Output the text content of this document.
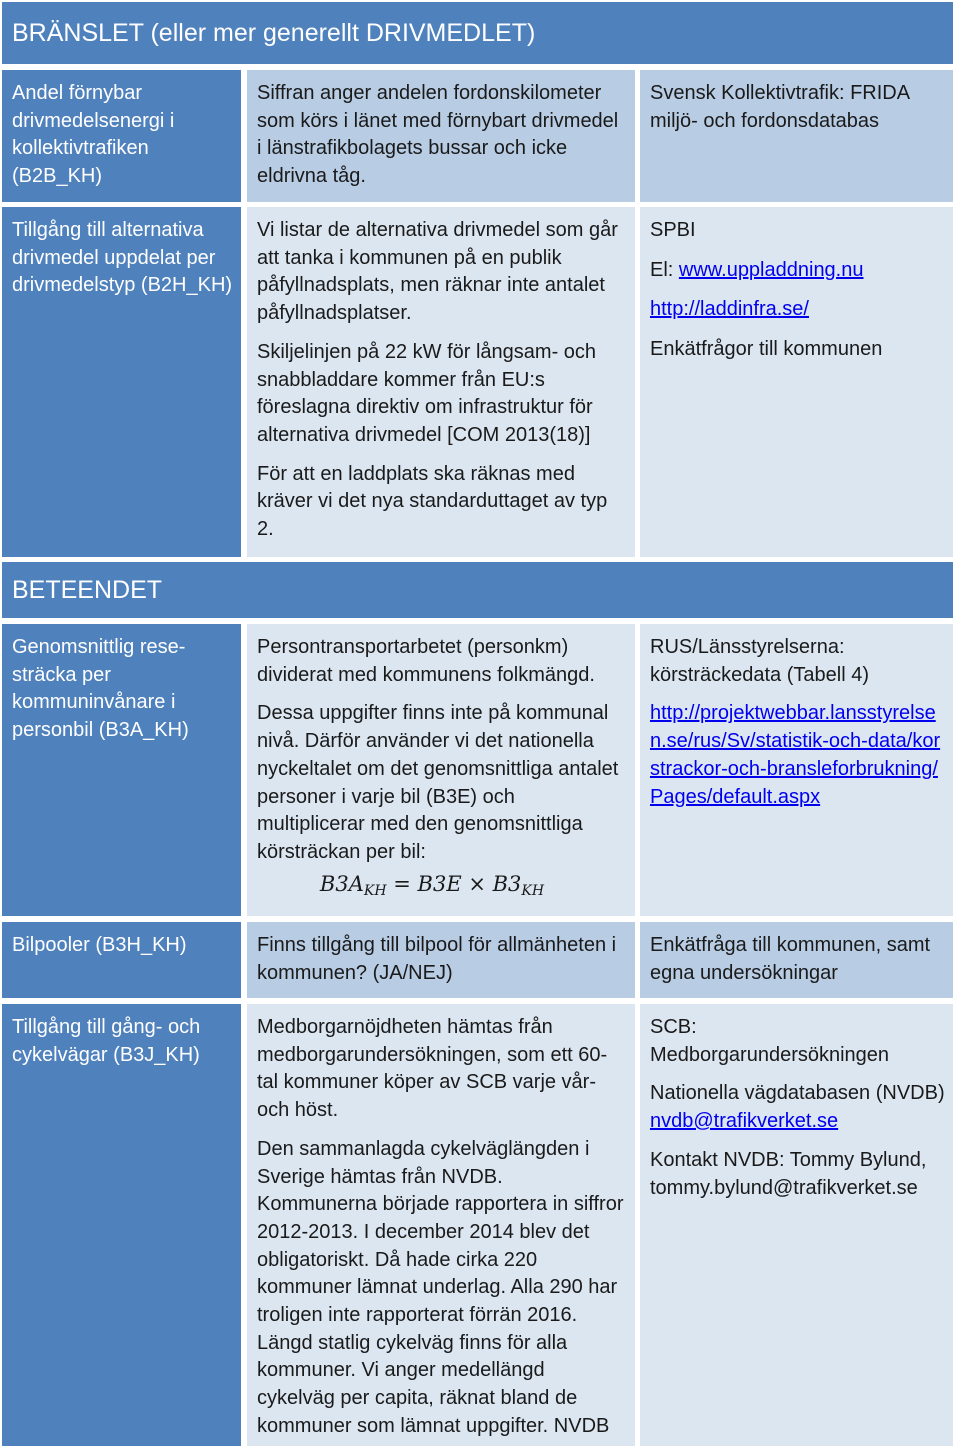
BRÄNSLET (eller mer generellt DRIVMEDLET)
Andel förnybar drivmedelsenergi i kollektivtrafiken (B2B_KH)
Siffran anger andelen fordonskilometer som körs i länet med förnybart drivmedel i länstrafikbolagets bussar och icke eldrivna tåg.
Svensk Kollektivtrafik: FRIDA miljö- och fordonsdatabas
Tillgång till alternativa drivmedel uppdelat per drivmedelstyp (B2H_KH)

Vi listar de alternativa drivmedel som går att tanka i kommunen på en publik påfyllnadsplats, men räknar inte antalet påfyllnadsplatser.

Skiljelinjen på 22 kW för långsam- och snabbladdare kommer från EU:s föreslagna direktiv om infrastruktur för alternativa drivmedel [COM 2013(18)]

För att en laddplats ska räknas med kräver vi det nya standarduttaget av typ 2.

SPBI

El: www.uppladdning.nu

http://laddinfra.se/

Enkätfrågor till kommunen

BETEENDET
Genomsnittlig rese-sträcka per kommuninvånare i personbil (B3A_KH)

Persontransportarbetet (personkm) dividerat med kommunens folkmängd.

Dessa uppgifter finns inte på kommunal nivå. Därför använder vi det nationella nyckeltalet om det genomsnittliga antalet personer i varje bil (B3E) och multiplicerar med den genomsnittliga körsträckan per bil:

$B3A_{KH} = B3E \times B3_{KH}$

RUS/Länsstyrelserna: körsträckedata (Tabell 4)

http://projektwebbar.lansstyrelsen.se/rus/Sv/statistik-och-data/korstrackor-och-bransleforbrukning/Pages/default.aspx

Bilpooler (B3H_KH)	Finns tillgång till bilpool för allmänheten i kommunen? (JA/NEJ)
Enkätfråga till kommunen, samt egna undersökningar
Tillgång till gång- och cykelvägar (B3J_KH)

Medborgarnöjdheten hämtas från medborgarundersökningen, som ett 60-tal kommuner köper av SCB varje vår- och höst.

Den sammanlagda cykelväglängden i Sverige hämtas från NVDB. Kommunerna började rapportera in siffror 2012-2013. I december 2014 blev det obligatoriskt. Då hade cirka 220 kommuner lämnat underlag. Alla 290 har troligen inte rapporterat förrän 2016. Längd statlig cykelväg finns för alla kommuner. Vi anger medellängd cykelväg per capita, räknat bland de kommuner som lämnat uppgifter. NVDB

SCB: Medborgarundersökningen

Nationella vägdatabasen (NVDB) nvdb@trafikverket.se

Kontakt NVDB: Tommy Bylund, tommy.bylund@trafikverket.se
